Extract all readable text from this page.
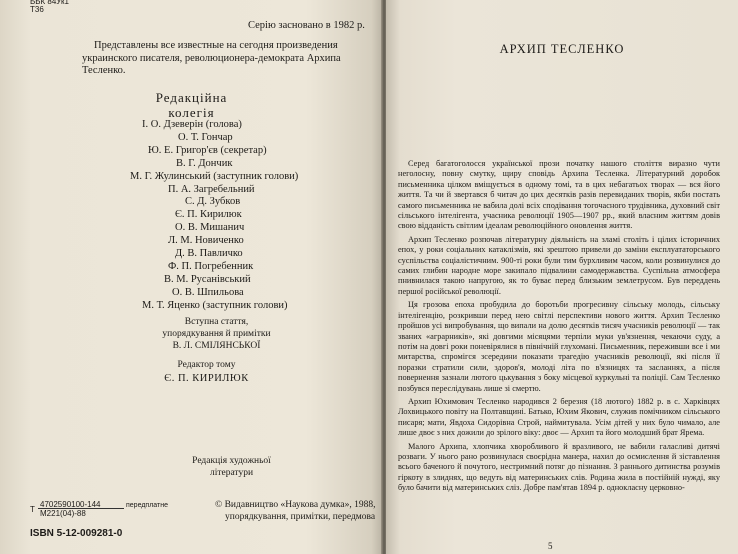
ББК 84Ук1
Т36
Серію засновано в 1982 р.

Представлены все известные на сегодня произведения украинского писателя, революционера-демократа Архипа Тесленко.

Редакційна
колегія
І. О. Дзеверін (голова)
О. Т. Гончар
Ю. Е. Григор'єв (секретар)
В. Г. Дончик
М. Г. Жулинський (заступник голови)
П. А. Загребельний
С. Д. Зубков
Є. П. Кирилюк
О. В. Мишанич
Л. М. Новиченко
Д. В. Павличко
Ф. П. Погребенник
В. М. Русанівський
О. В. Шпильова
М. Т. Яценко (заступник голови)
Вступна стаття,
упорядкування й примітки
В. Л. СМІЛЯНСЬКОЇ
Редактор тому
Є. П. КИРИЛЮК
Редакція художньої
літератури
Т
4702590100-144
М221(04)-88
передплатне	© Видавництво «Наукова думка», 1988,
упорядкування, примітки, передмова
ISBN 5-12-009281-0
АРХИП ТЕСЛЕНКО

Серед багатоголосся української прози початку нашого століття виразно чути неголосну, повну смутку, щиру сповідь Архипа Тесленка. Літературний доробок письменника цілком вміщується в одному томі, та в цих небагатьох творах — вся його життя. Та чи й звертався б читач до цих десятків разів перевиданих творів, якби постать самого письменника не вабила долі всіх сподівання тогочасного трудівника, духовний світ сільського інтелігента, учасника революції 1905—1907 рр., який власним життям довів свою відданість світлим ідеалам революційного оновлення життя.

Архип Тесленко розпочав літературну діяльність на зламі століть і цілих історичних епох, у роки соціальних катаклізмів, які зрештою привели до заміни експлуататорського суспільства соціалістичним. 900-ті роки були тим бурхливим часом, коли розвинулися до самих глибин народне море закипало підвалини самодержавства. Суспільна атмосфера пнивнилася такою напругою, як то буває перед близьким землетрусом. Був переддень першої російської революції.

Ця грозова епоха пробудила до боротьби прогресивну сільську молодь, сільську інтелігенцію, розкривши перед нею світлі перспективи нового життя. Архип Тесленко пройшов усі випробування, що випали на долю десятків тисяч учасників революції — так званих «аграрників», які довгими місяцями терпіли муки ув'язнення, чекаючи суду, а потім на довгі роки поневірялися в північній глухомані. Письменник, переживши все і ми митарства, спромігся зсередини показати трагедію учасників революції, які після її поразки стратили сили, здоров'я, молоді літа по в'язницях та засланнях, а після повернення зазнали лютого цькування з боку місцевої куркульні та поліції. Сам Тесленко позбувся переслідувань лише зі смертю.

Архип Юхимович Тесленко народився 2 березня (18 лютого) 1882 р. в с. Харківцях Лохвицького повіту на Полтавщині. Батько, Юхим Якович, служив помічником сільського писаря; мати, Явдоха Сидорівна Строй, наймитувала. Усім дітей у них було чимало, але лише двоє з них дожили до зрілого віку: двоє — Архип та його молодший брат Ярема.

Малого Архипа, хлопчика хворобливого й вразливого, не вабили галасливі дитячі розваги. У нього рано розвинулася своєрідна манера, нахил до осмислення й зіставлення всього баченого й почутого, нестримний потяг до пізнання. З раннього дитинства розумів гіркоту в злиднях, що ведуть від материнських слів. Родина жила в постійній нужді, яку було бачити від материнських сліз. Добре пам'ятав 1894 р. однокласну церковно-

5
